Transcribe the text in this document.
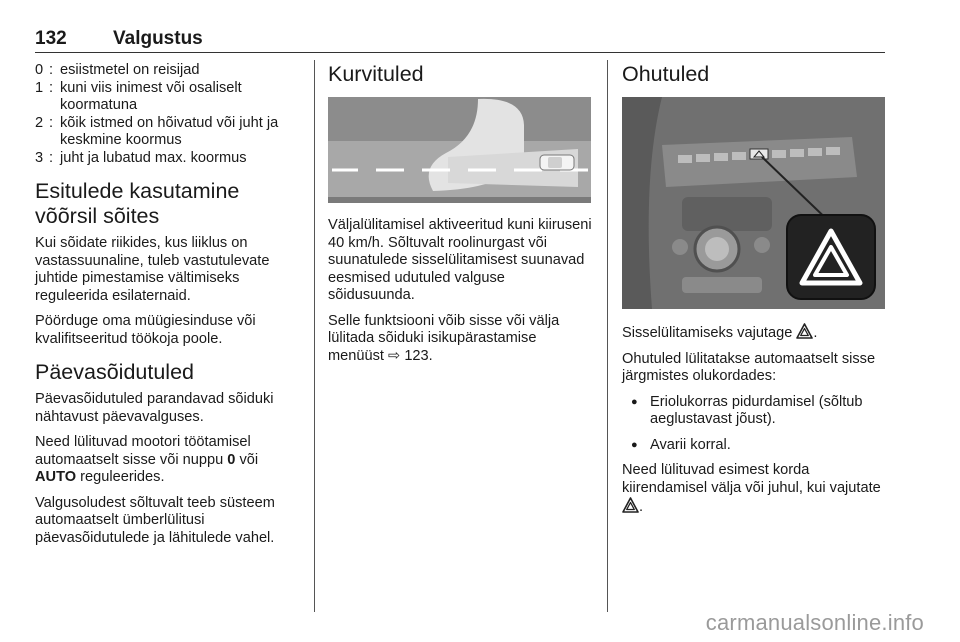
132 Valgustus
0 : esiistmetel on reisijad
1 : kuni viis inimest või osaliselt koormatuna
2 : kõik istmed on hõivatud või juht ja keskmine koormus
3 : juht ja lubatud max. koormus
Esitulede kasutamine võõrsil sõites

Kui sõidate riikides, kus liiklus on vastassuunaline, tuleb vastutulevate juhtide pimestamise vältimiseks reguleerida esilaternaid.

Pöörduge oma müügiesinduse või kvalifitseeritud töökoja poole.

Päevasõidutuled

Päevasõidutuled parandavad sõiduki nähtavust päevavalguses.

Need lülituvad mootori töötamisel automaatselt sisse või nuppu 0 või AUTO reguleerides.

Valgusoludest sõltuvalt teeb süsteem automaatselt ümberlülitusi päevasõidutulede ja lähitulede vahel.

Kurvituled

Väljalülitamisel aktiveeritud kuni kiiruseni 40 km/h. Sõltuvalt roolinurgast või suunatulede sisselülitamisest suunavad eesmised udutuled valguse sõidusuunda.

Selle funktsiooni võib sisse või välja lülitada sõiduki isikupärastamise menüüst ⇨ 123.

Ohutuled

Sisselülitamiseks vajutage .

Ohutuled lülitatakse automaatselt sisse järgmistes olukordades:

● Eriolukorras pidurdamisel (sõltub aeglustavast jõust).
● Avarii korral.

Need lülituvad esimest korda kiirendamisel välja või juhul, kui vajutate .

carmanualsonline.info
